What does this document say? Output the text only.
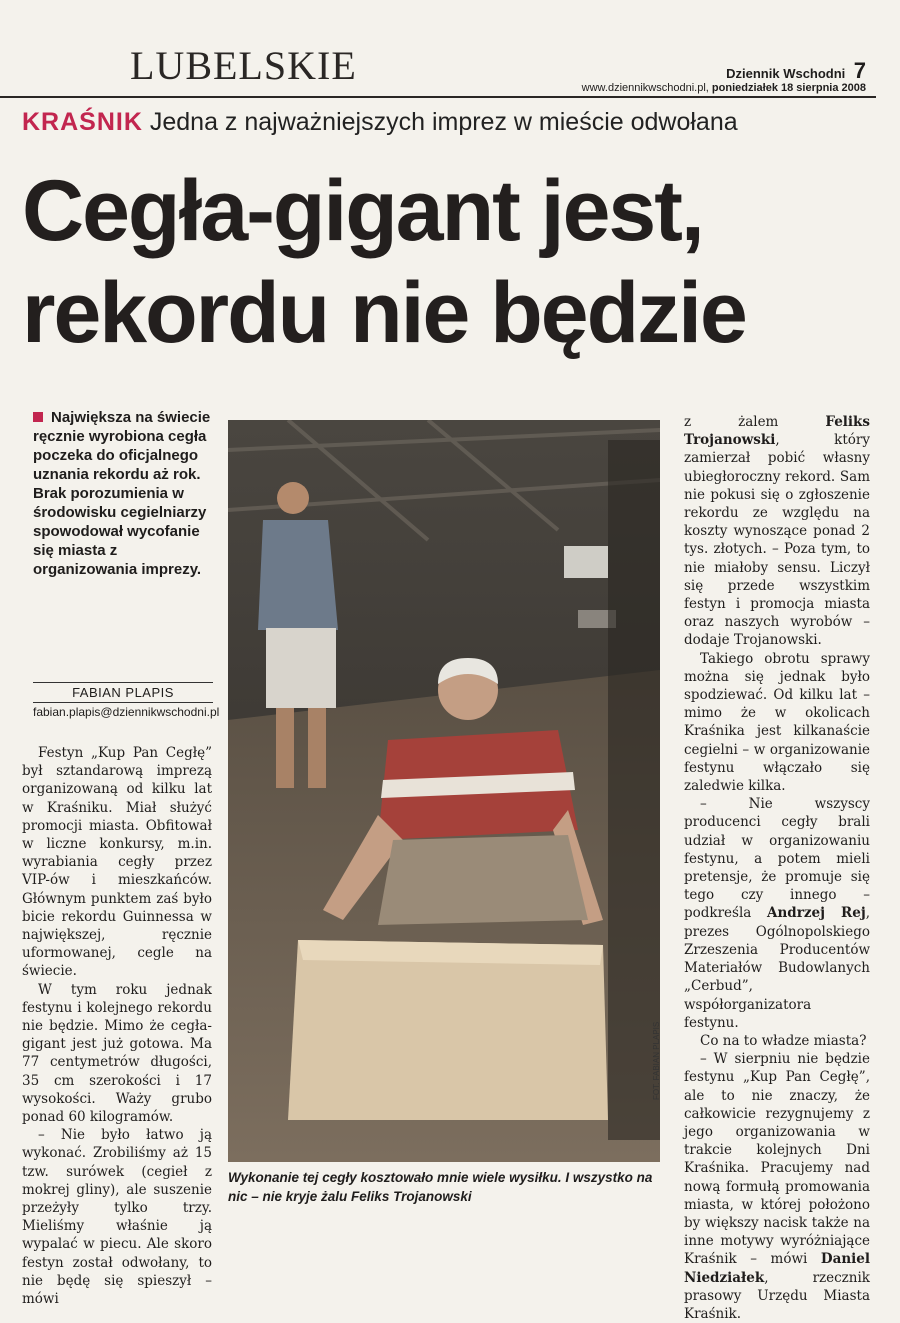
LUBELSKIE	Dziennik Wschodni 7
www.dziennikwschodni.pl, poniedziałek 18 sierpnia 2008
KRAŚNIK Jedna z najważniejszych imprez w mieście odwołana
Cegła-gigant jest,
rekordu nie będzie
Największa na świecie ręcznie wyrobiona cegła poczeka do oficjalnego uznania rekordu aż rok. Brak porozumienia w środowisku cegielniarzy spowodował wycofanie się miasta z organizowania imprezy.
FABIAN PLAPIS
fabian.plapis@dziennikwschodni.pl

Festyn „Kup Pan Cegłę” był sztandarową imprezą organizowaną od kilku lat w Kraśniku. Miał służyć promocji miasta. Obfitował w liczne konkursy, m.in. wyrabiania cegły przez VIP-ów i mieszkańców. Głównym punktem zaś było bicie rekordu Guinnessa w największej, ręcznie uformowanej, cegle na świecie.

W tym roku jednak festynu i kolejnego rekordu nie będzie. Mimo że cegła-gigant jest już gotowa. Ma 77 centymetrów długości, 35 cm szerokości i 17 wysokości. Waży grubo ponad 60 kilogramów.

– Nie było łatwo ją wykonać. Zrobiliśmy aż 15 tzw. surówek (cegieł z mokrej gliny), ale suszenie przeżyły tylko trzy. Mieliśmy właśnie ją wypalać w piecu. Ale skoro festyn został odwołany, to nie będę się spieszył – mówi

FOT. FABIAN PLAPIS
Wykonanie tej cegły kosztowało mnie wiele wysiłku. I wszystko na nic – nie kryje żalu Feliks Trojanowski

z żalem Feliks Trojanowski, który zamierzał pobić własny ubiegłoroczny rekord. Sam nie pokusi się o zgłoszenie rekordu ze względu na koszty wynoszące ponad 2 tys. złotych. – Poza tym, to nie miałoby sensu. Liczył się przede wszystkim festyn i promocja miasta oraz naszych wyrobów – dodaje Trojanowski.

Takiego obrotu sprawy można się jednak było spodziewać. Od kilku lat – mimo że w okolicach Kraśnika jest kilkanaście cegielni – w organizowanie festynu włączało się zaledwie kilka.

– Nie wszyscy producenci cegły brali udział w organizowaniu festynu, a potem mieli pretensje, że promuje się tego czy innego – podkreśla Andrzej Rej, prezes Ogólnopolskiego Zrzeszenia Producentów Materiałów Budowlanych „Cerbud”, współorganizatora festynu.

Co na to władze miasta?

– W sierpniu nie będzie festynu „Kup Pan Cegłę”, ale to nie znaczy, że całkowicie rezygnujemy z jego organizowania w trakcie kolejnych Dni Kraśnika. Pracujemy nad nową formułą promowania miasta, w której położono by większy nacisk także na inne motywy wyróżniające Kraśnik – mówi Daniel Niedziałek, rzecznik prasowy Urzędu Miasta Kraśnik.
